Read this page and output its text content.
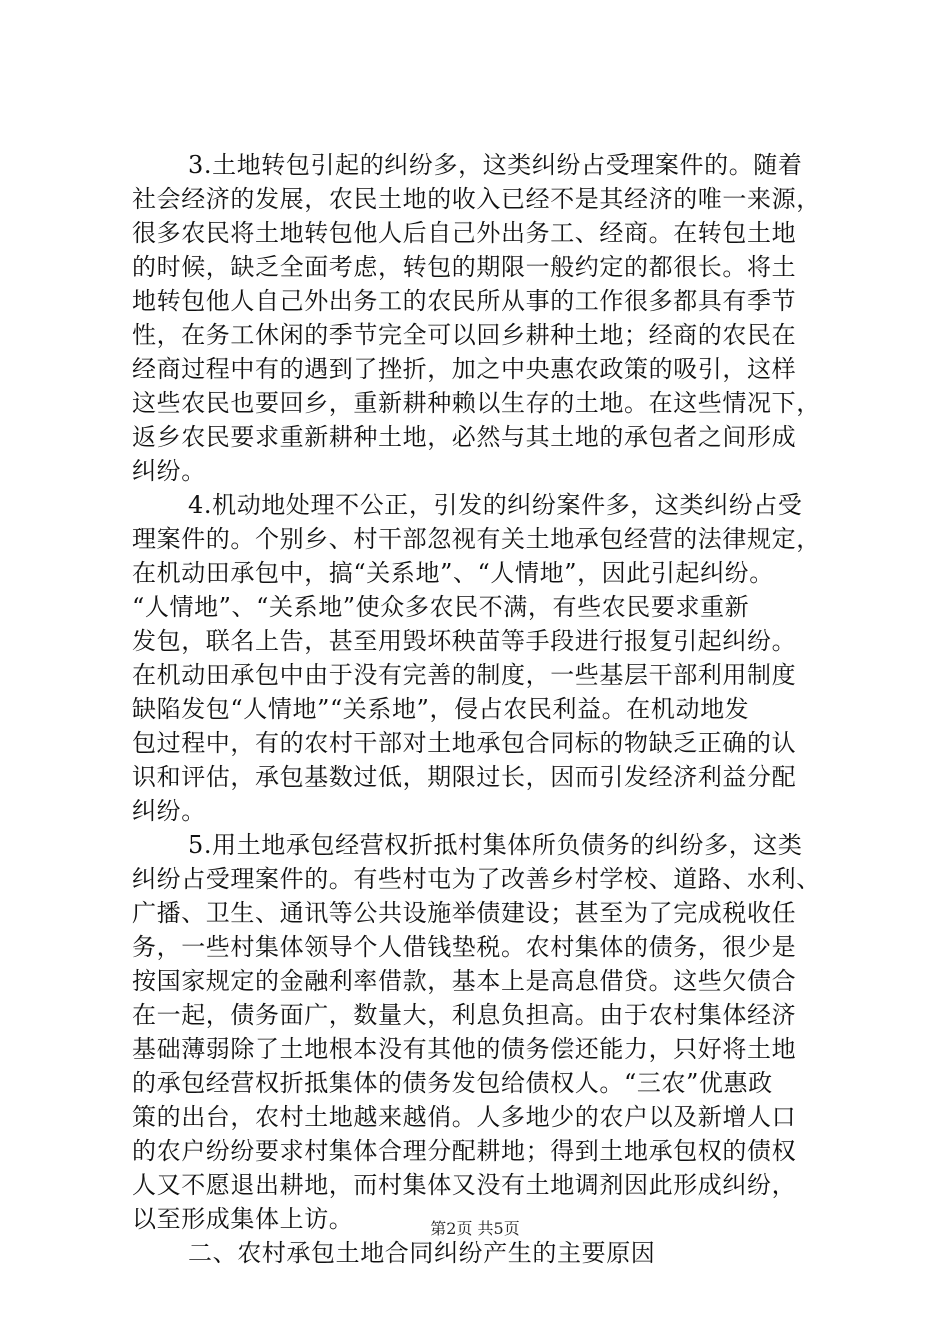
3.土地转包引起的纠纷多，这类纠纷占受理案件的。随着
社会经济的发展，农民土地的收入已经不是其经济的唯一来源，
很多农民将土地转包他人后自己外出务工、经商。在转包土地
的时候，缺乏全面考虑，转包的期限一般约定的都很长。将土
地转包他人自己外出务工的农民所从事的工作很多都具有季节
性，在务工休闲的季节完全可以回乡耕种土地；经商的农民在
经商过程中有的遇到了挫折，加之中央惠农政策的吸引，这样
这些农民也要回乡，重新耕种赖以生存的土地。在这些情况下，
返乡农民要求重新耕种土地，必然与其土地的承包者之间形成
纠纷。
4.机动地处理不公正，引发的纠纷案件多，这类纠纷占受
理案件的。个别乡、村干部忽视有关土地承包经营的法律规定，
在机动田承包中，搞“关系地”、“人情地”，因此引起纠纷。
“人情地”、“关系地”使众多农民不满，有些农民要求重新
发包，联名上告，甚至用毁坏秧苗等手段进行报复引起纠纷。
在机动田承包中由于没有完善的制度，一些基层干部利用制度
缺陷发包“人情地”“关系地”，侵占农民利益。在机动地发
包过程中，有的农村干部对土地承包合同标的物缺乏正确的认
识和评估，承包基数过低，期限过长，因而引发经济利益分配
纠纷。
5.用土地承包经营权折抵村集体所负债务的纠纷多，这类
纠纷占受理案件的。有些村屯为了改善乡村学校、道路、水利、
广播、卫生、通讯等公共设施举债建设；甚至为了完成税收任
务，一些村集体领导个人借钱垫税。农村集体的债务，很少是
按国家规定的金融利率借款，基本上是高息借贷。这些欠债合
在一起，债务面广，数量大，利息负担高。由于农村集体经济
基础薄弱除了土地根本没有其他的债务偿还能力，只好将土地
的承包经营权折抵集体的债务发包给债权人。“三农”优惠政
策的出台，农村土地越来越俏。人多地少的农户以及新增人口
的农户纷纷要求村集体合理分配耕地；得到土地承包权的债权
人又不愿退出耕地，而村集体又没有土地调剂因此形成纠纷，
以至形成集体上访。
二、农村承包土地合同纠纷产生的主要原因
第2页 共5页
